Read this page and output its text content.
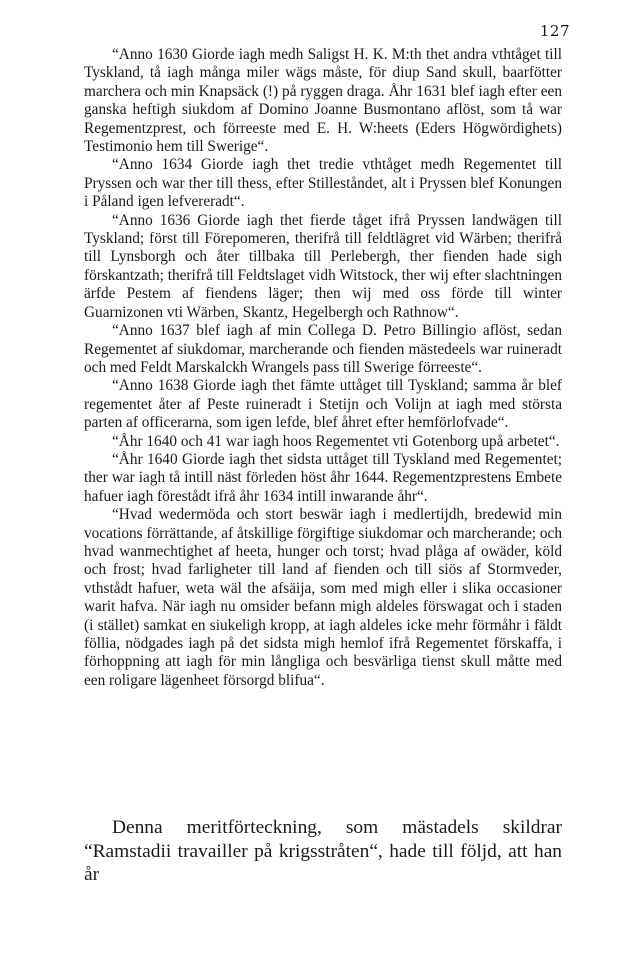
127

“Anno 1630 Giorde iagh medh Saligst H. K. M:th thet andra vthtåget till Tyskland, tå iagh många miler wägs måste, för diup Sand skull, baarfötter marchera och min Knapsäck (!) på ryggen draga. Åhr 1631 blef iagh efter een ganska heftigh siukdom af Domino Joanne Busmontano aflöst, som tå war Regementzprest, och förreeste med E. H. W:heets (Eders Högwördighets) Testimonio hem till Swerige“.

“Anno 1634 Giorde iagh thet tredie vthtåget medh Regementet till Pryssen och war ther till thess, efter Stilleståndet, alt i Pryssen blef Konungen i Påland igen lefvereradt“.

“Anno 1636 Giorde iagh thet fierde tåget ifrå Pryssen landwägen till Tyskland; först till Förepomeren, therifrå till feldtlägret vid Wärben; therifrå till Lynsborgh och åter tillbaka till Perlebergh, ther fienden hade sigh förskantzath; therifrå till Feldtslaget vidh Witstock, ther wij efter slachtningen ärfde Pestem af fiendens läger; then wij med oss förde till winter Guarnizonen vti Wärben, Skantz, Hegelbergh och Rathnow“.

“Anno 1637 blef iagh af min Collega D. Petro Billingio aflöst, sedan Regementet af siukdomar, marcherande och fienden mästedeels war ruineradt och med Feldt Marskalckh Wrangels pass till Swerige förreeste“.

“Anno 1638 Giorde iagh thet fämte uttåget till Tyskland; samma år blef regementet åter af Peste ruineradt i Stetijn och Volijn at iagh med största parten af officerarna, som igen lefde, blef åhret efter hemförlofvade“.

“Åhr 1640 och 41 war iagh hoos Regementet vti Gotenborg upå arbetet“.

“Åhr 1640 Giorde iagh thet sidsta uttåget till Tyskland med Regementet; ther war iagh tå intill näst förleden höst åhr 1644. Regementzprestens Embete hafuer iagh förestådt ifrå åhr 1634 intill inwarande åhr“.

“Hvad wedermöda och stort beswär iagh i medlertijdh, bredewid min vocations förrättande, af åtskillige förgiftige siukdomar och marcherande; och hvad wanmechtighet af heeta, hunger och torst; hvad plåga af owäder, köld och frost; hvad farligheter till land af fienden och till siös af Stormveder, vthstådt hafuer, weta wäl the afsäija, som med migh eller i slika occasioner warit hafva. När iagh nu omsider befann migh aldeles förswagat och i staden (i stället) samkat en siukeligh kropp, at iagh aldeles icke mehr förmåhr i fäldt föllia, nödgades iagh på det sidsta migh hemlof ifrå Regementet förskaffa, i förhoppning att iagh för min långliga och besvärliga tienst skull måtte med een roligare lägenheet försorgd blifua“.

Denna meritförteckning, som mästadels skildrar “Ramstadii travailler på krigsstråten“, hade till följd, att han år
